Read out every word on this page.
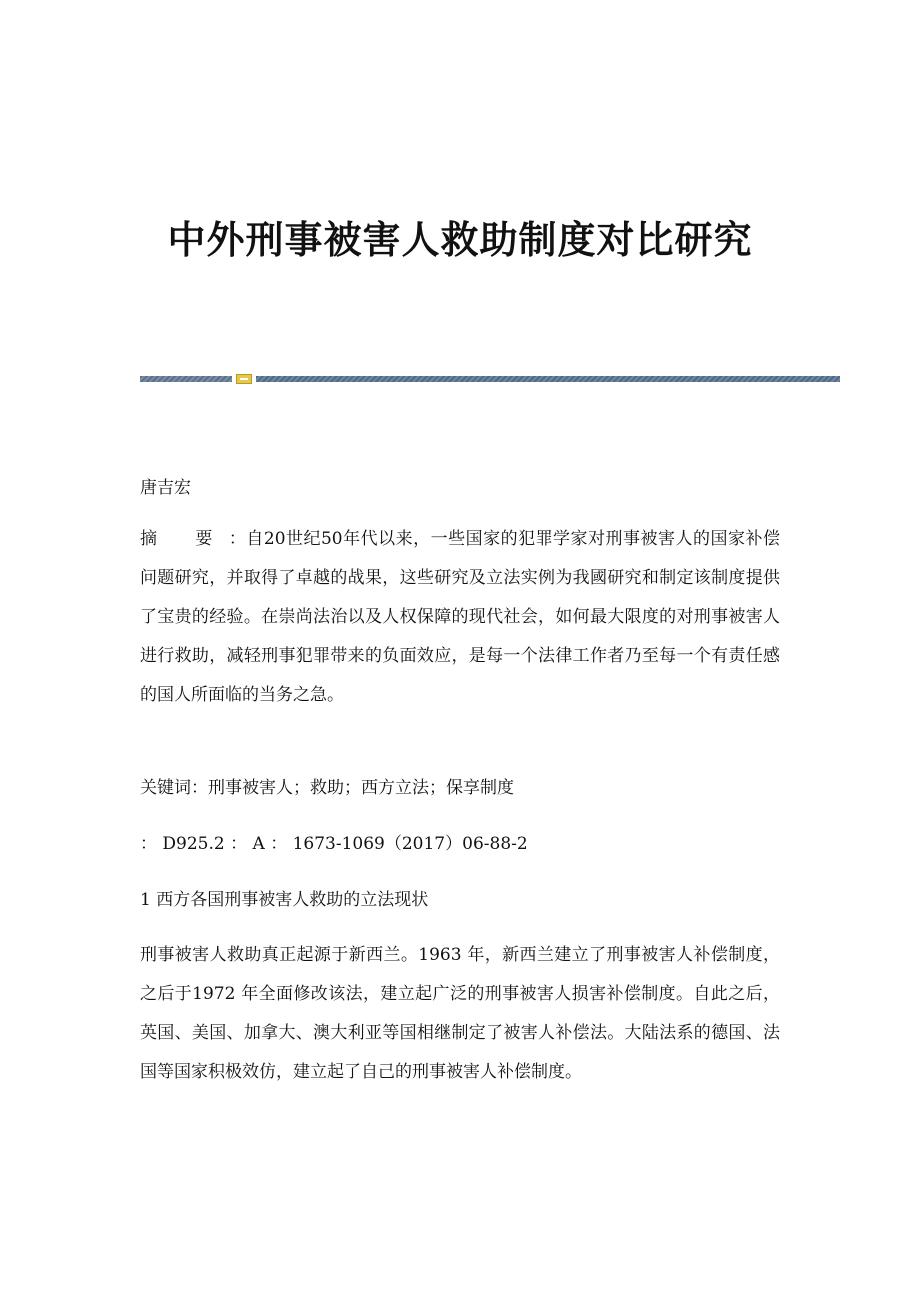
中外刑事被害人救助制度对比研究

唐吉宏

摘 要：自20世纪50年代以来，一些国家的犯罪学家对刑事被害人的国家补偿问题研究，并取得了卓越的战果，这些研究及立法实例为我國研究和制定该制度提供了宝贵的经验。在崇尚法治以及人权保障的现代社会，如何最大限度的对刑事被害人进行救助，减轻刑事犯罪带来的负面效应，是每一个法律工作者乃至每一个有责任感的国人所面临的当务之急。

关键词：刑事被害人；救助；西方立法；保享制度

： D925.2 ： A ： 1673-1069（2017）06-88-2

1 西方各国刑事被害人救助的立法现状

刑事被害人救助真正起源于新西兰。1963 年，新西兰建立了刑事被害人补偿制度，之后于1972 年全面修改该法，建立起广泛的刑事被害人损害补偿制度。自此之后，英国、美国、加拿大、澳大利亚等国相继制定了被害人补偿法。大陆法系的德国、法国等国家积极效仿，建立起了自己的刑事被害人补偿制度。
